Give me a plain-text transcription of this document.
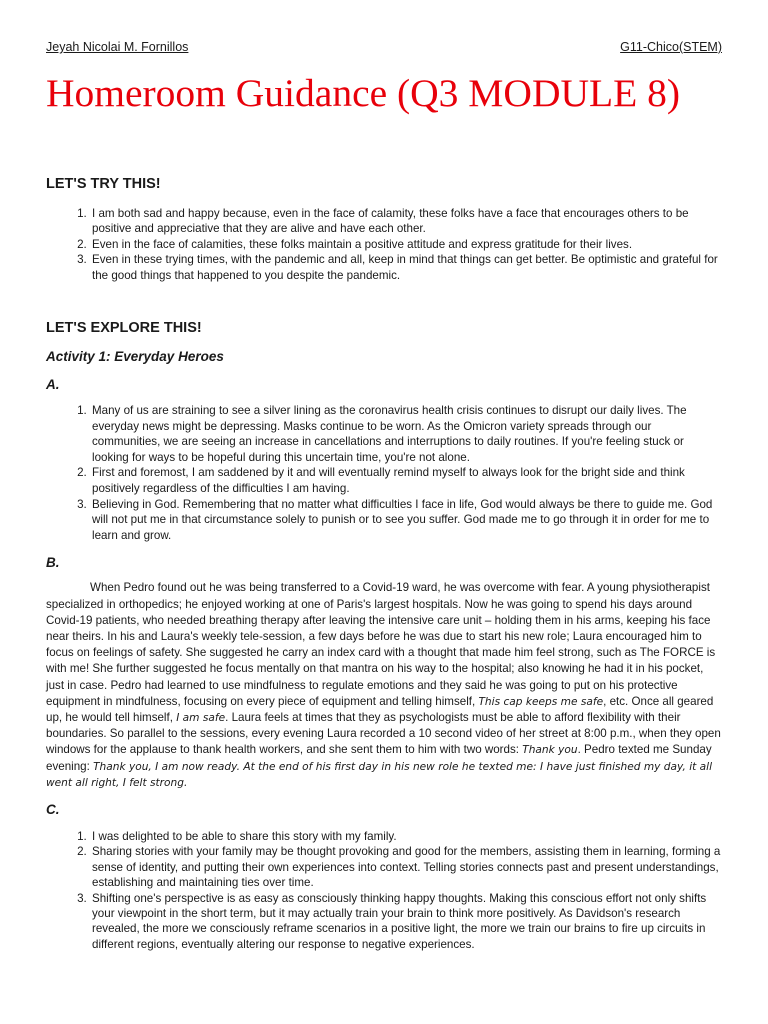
Jeyah Nicolai M. Fornillos	G11-Chico(STEM)
Homeroom Guidance (Q3 MODULE 8)
LET'S TRY THIS!
1. I am both sad and happy because, even in the face of calamity, these folks have a face that encourages others to be positive and appreciative that they are alive and have each other.
2. Even in the face of calamities, these folks maintain a positive attitude and express gratitude for their lives.
3. Even in these trying times, with the pandemic and all, keep in mind that things can get better. Be optimistic and grateful for the good things that happened to you despite the pandemic.
LET'S EXPLORE THIS!
Activity 1: Everyday Heroes
A.
1. Many of us are straining to see a silver lining as the coronavirus health crisis continues to disrupt our daily lives. The everyday news might be depressing. Masks continue to be worn. As the Omicron variety spreads through our communities, we are seeing an increase in cancellations and interruptions to daily routines. If you're feeling stuck or looking for ways to be hopeful during this uncertain time, you're not alone.
2. First and foremost, I am saddened by it and will eventually remind myself to always look for the bright side and think positively regardless of the difficulties I am having.
3. Believing in God. Remembering that no matter what difficulties I face in life, God would always be there to guide me. God will not put me in that circumstance solely to punish or to see you suffer. God made me to go through it in order for me to learn and grow.
B.

When Pedro found out he was being transferred to a Covid-19 ward, he was overcome with fear. A young physiotherapist specialized in orthopedics; he enjoyed working at one of Paris's largest hospitals. Now he was going to spend his days around Covid-19 patients, who needed breathing therapy after leaving the intensive care unit – holding them in his arms, keeping his face near theirs. In his and Laura's weekly tele-session, a few days before he was due to start his new role; Laura encouraged him to focus on feelings of safety. She suggested he carry an index card with a thought that made him feel strong, such as The FORCE is with me! She further suggested he focus mentally on that mantra on his way to the hospital; also knowing he had it in his pocket, just in case. Pedro had learned to use mindfulness to regulate emotions and they said he was going to put on his protective equipment in mindfulness, focusing on every piece of equipment and telling himself, This cap keeps me safe, etc. Once all geared up, he would tell himself, I am safe. Laura feels at times that they as psychologists must be able to afford flexibility with their boundaries. So parallel to the sessions, every evening Laura recorded a 10 second video of her street at 8:00 p.m., when they open windows for the applause to thank health workers, and she sent them to him with two words: Thank you. Pedro texted me Sunday evening: Thank you, I am now ready. At the end of his first day in his new role he texted me: I have just finished my day, it all went all right, I felt strong.

C.
1. I was delighted to be able to share this story with my family.
2. Sharing stories with your family may be thought provoking and good for the members, assisting them in learning, forming a sense of identity, and putting their own experiences into context. Telling stories connects past and present understandings, establishing and maintaining ties over time.
3. Shifting one's perspective is as easy as consciously thinking happy thoughts. Making this conscious effort not only shifts your viewpoint in the short term, but it may actually train your brain to think more positively. As Davidson's research revealed, the more we consciously reframe scenarios in a positive light, the more we train our brains to fire up circuits in different regions, eventually altering our response to negative experiences.
